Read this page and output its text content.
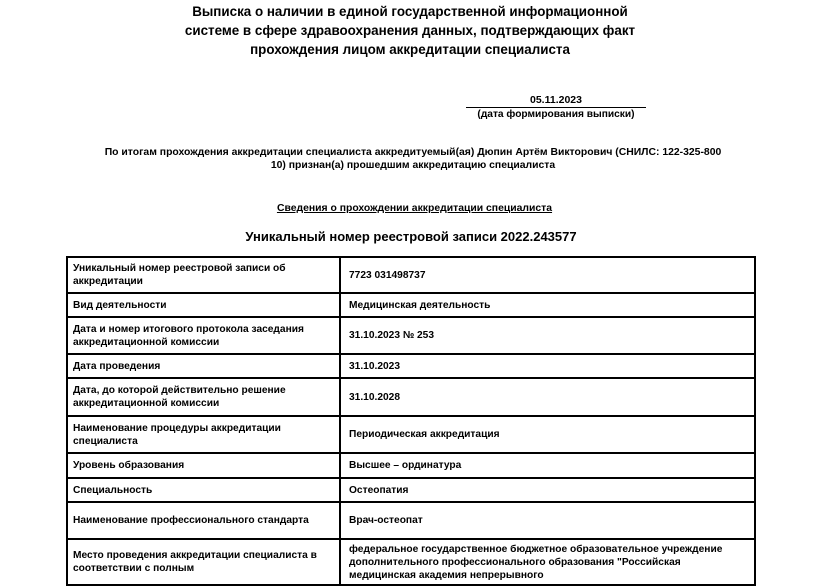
Выписка о наличии в единой государственной информационной
системе в сфере здравоохранения данных, подтверждающих факт
прохождения лицом аккредитации специалиста
05.11.2023
(дата формирования выписки)
По итогам прохождения аккредитации специалиста аккредитуемый(ая) Дюпин Артём Викторович (СНИЛС: 122-325-800
10) признан(а) прошедшим аккредитацию специалиста
Сведения о прохождении аккредитации специалиста
Уникальный номер реестровой записи 2022.243577
Уникальный номер реестровой записи об аккредитации	7723 031498737
Вид деятельности	Медицинская деятельность
Дата и номер итогового протокола заседания аккредитационной комиссии	31.10.2023 № 253
Дата проведения	31.10.2023
Дата, до которой действительно решение аккредитационной комиссии	31.10.2028
Наименование процедуры аккредитации специалиста	Периодическая аккредитация
Уровень образования	Высшее – ординатура
Специальность	Остеопатия
Наименование профессионального стандарта	Врач-остеопат
Место проведения аккредитации специалиста в соответствии с полным	федеральное государственное бюджетное образовательное учреждение дополнительного профессионального образования "Российская медицинская академия непрерывного
